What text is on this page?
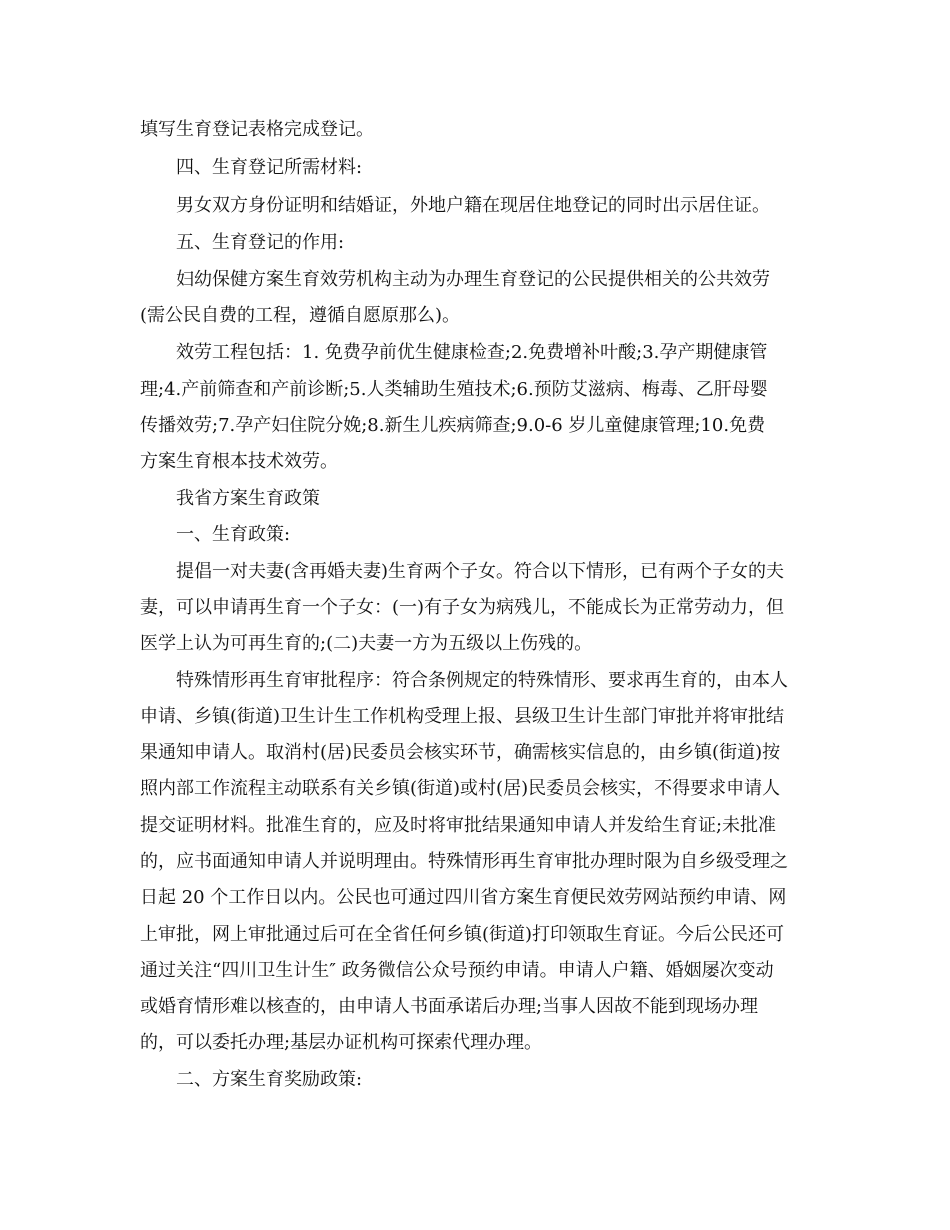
填写生育登记表格完成登记。
四、生育登记所需材料:
男女双方身份证明和结婚证，外地户籍在现居住地登记的同时出示居住证。
五、生育登记的作用:
妇幼保健方案生育效劳机构主动为办理生育登记的公民提供相关的公共效劳
(需公民自费的工程，遵循自愿原那么)。
效劳工程包括：1. 免费孕前优生健康检查;2.免费增补叶酸;3.孕产期健康管
理;4.产前筛查和产前诊断;5.人类辅助生殖技术;6.预防艾滋病、梅毒、乙肝母婴
传播效劳;7.孕产妇住院分娩;8.新生儿疾病筛查;9.0-6 岁儿童健康管理;10.免费
方案生育根本技术效劳。
我省方案生育政策
一、生育政策:
提倡一对夫妻(含再婚夫妻)生育两个子女。符合以下情形，已有两个子女的夫
妻，可以申请再生育一个子女：(一)有子女为病残儿，不能成长为正常劳动力，但
医学上认为可再生育的;(二)夫妻一方为五级以上伤残的。
特殊情形再生育审批程序：符合条例规定的特殊情形、要求再生育的，由本人
申请、乡镇(街道)卫生计生工作机构受理上报、县级卫生计生部门审批并将审批结
果通知申请人。取消村(居)民委员会核实环节，确需核实信息的，由乡镇(街道)按
照内部工作流程主动联系有关乡镇(街道)或村(居)民委员会核实，不得要求申请人
提交证明材料。批准生育的，应及时将审批结果通知申请人并发给生育证;未批准
的，应书面通知申请人并说明理由。特殊情形再生育审批办理时限为自乡级受理之
日起 20 个工作日以内。公民也可通过四川省方案生育便民效劳网站预约申请、网
上审批，网上审批通过后可在全省任何乡镇(街道)打印领取生育证。今后公民还可
通过关注“四川卫生计生″ 政务微信公众号预约申请。申请人户籍、婚姻屡次变动
或婚育情形难以核查的，由申请人书面承诺后办理;当事人因故不能到现场办理
的，可以委托办理;基层办证机构可探索代理办理。
二、方案生育奖励政策:
